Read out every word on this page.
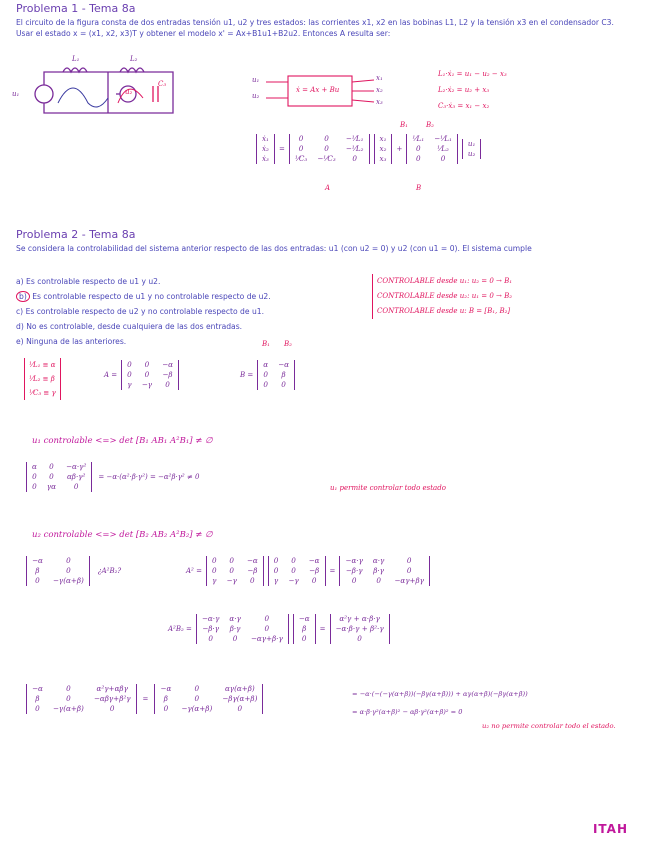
Problema 1 - Tema 8a
El circuito de la figura consta de dos entradas tensión u1, u2 y tres estados: las corrientes x1, x2 en las bobinas L1, L2 y la tensión x3 en el condensador C3. Usar el estado x = (x1, x2, x3)T y obtener el modelo x' = Ax+B1u1+B2u2. Entonces A resulta ser:
u₁
L₁	L₂
u₂
C₃	u₁
u₂
ẋ = Ax + Bu
x₁
x₂
x₃
L₁·ẋ₁ = u₁ − u₂ − x₃
L₂·ẋ₂ = u₂ + x₃
C₃·ẋ₃ = x₁ − x₂
ẋ₁
ẋ₂
ẋ₃
=
0	0	−¹⁄L₁
0	0	−¹⁄L₂
¹⁄C₃	−¹⁄C₃	0
x₁
x₂
x₃
+
¹⁄L₁	−¹⁄L₁
0	¹⁄L₂
0	0
u₁
u₂
A	B
B₁	B₂
Problema 2 - Tema 8a
Se considera la controlabilidad del sistema anterior respecto de las dos entradas: u1 (con u2 = 0) y u2 (con u1 = 0). El sistema cumple
a) Es controlable respecto de u1 y u2.
b) Es controlable respecto de u1 y no controlable respecto de u2.
c) Es controlable respecto de u2 y no controlable respecto de u1.
d) No es controlable, desde cualquiera de las dos entradas.
e) Ninguna de las anteriores.
CONTROLABLE desde u₁: u₂ = 0 → B₁
CONTROLABLE desde u₂: u₁ = 0 → B₂
CONTROLABLE desde u: B = [B₁, B₂]
¹⁄L₁ ≡ α
¹⁄L₂ ≡ β
¹⁄C₃ ≡ γ
A =
0	0	−α
0	0	−β
γ	−γ	0
B₁ B₂
B =
α	−α
0	β
0	0
u₁ controlable <=> det [B₁ AB₁ A²B₁] ≠ ∅
α	0	−α·γ²
0	0	αβ·γ²
0	γα	0
= −α·(α²·β·γ²) = −α²β·γ² ≠ 0
u₁ permite controlar todo estado
u₂ controlable <=> det [B₂ AB₂ A²B₂] ≠ ∅
−α	0
β	0
0	−γ(α+β)
¿A²B₂?	A² =
0	0	−α
0	0	−β
γ	−γ	0
0	0	−α
0	0	−β
γ	−γ	0
=
−α·γ	α·γ	0
−β·γ	β·γ	0
0	0	−αγ+βγ
A²B₂ =
−α·γ	α·γ	0
−β·γ	β·γ	0
0	0	−αγ+β·γ
−α
β
0
=
α²γ + α·β·γ
−α·β·γ + β²·γ
0
−α	0	α²γ+αβγ
β	0	−αβγ+β²γ
0	−γ(α+β)	0
=
−α	0	αγ(α+β)
β	0	−βγ(α+β)
0	−γ(α+β)	0
= −α·(−(−γ(α+β))(−βγ(α+β))) + αγ(α+β)(−βγ(α+β))
= α·β·γ²(α+β)² − αβ·γ²(α+β)² = 0
u₂ no permite controlar todo el estado.
ITAH
